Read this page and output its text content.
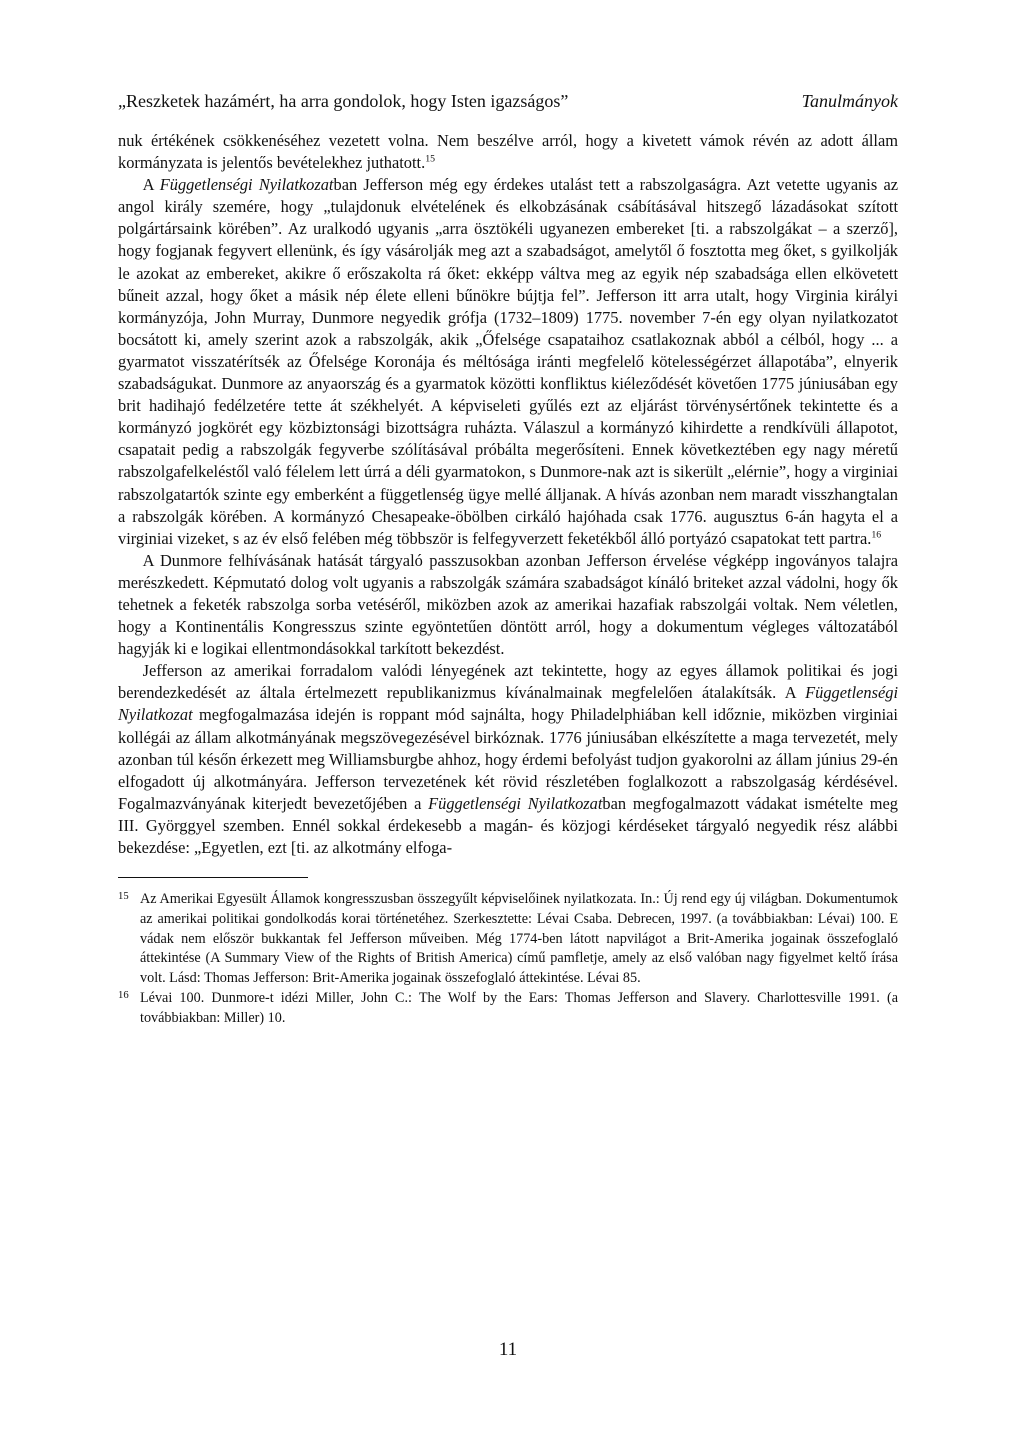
„Reszketek hazámért, ha arra gondolok, hogy Isten igazságos”	Tanulmányok

nuk értékének csökkenéséhez vezetett volna. Nem beszélve arról, hogy a kivetett vámok révén az adott állam kormányzata is jelentős bevételekhez juthatott.$^{15}$

A Függetlenségi Nyilatkozatban Jefferson még egy érdekes utalást tett a rabszolgaságra. Azt vetette ugyanis az angol király szemére, hogy „tulajdonuk elvételének és elkobzásának csábításával hitszegő lázadásokat szított polgártársaink körében”. Az uralkodó ugyanis „arra ösztökéli ugyanezen embereket [ti. a rabszolgákat – a szerző], hogy fogjanak fegyvert ellenünk, és így vásárolják meg azt a szabadságot, amelytől ő fosztotta meg őket, s gyilkolják le azokat az embereket, akikre ő erőszakolta rá őket: ekképp váltva meg az egyik nép szabadsága ellen elkövetett bűneit azzal, hogy őket a másik nép élete elleni bűnökre bújtja fel”. Jefferson itt arra utalt, hogy Virginia királyi kormányzója, John Murray, Dunmore negyedik grófja (1732–1809) 1775. november 7-én egy olyan nyilatkozatot bocsátott ki, amely szerint azok a rabszolgák, akik „Őfelsége csapataihoz csatlakoznak abból a célból, hogy ... a gyarmatot visszatérítsék az Őfelsége Koronája és méltósága iránti megfelelő kötelességérzet állapotába”, elnyerik szabadságukat. Dunmore az anyaország és a gyarmatok közötti konfliktus kiéleződését követően 1775 júniusában egy brit hadihajó fedélzetére tette át székhelyét. A képviseleti gyűlés ezt az eljárást törvénysértőnek tekintette és a kormányzó jogkörét egy közbiztonsági bizottságra ruházta. Válaszul a kormányzó kihirdette a rendkívüli állapotot, csapatait pedig a rabszolgák fegyverbe szólításával próbálta megerősíteni. Ennek következtében egy nagy méretű rabszolgafelkeléstől való félelem lett úrrá a déli gyarmatokon, s Dunmore-nak azt is sikerült „elérnie”, hogy a virginiai rabszolgatartók szinte egy emberként a függetlenség ügye mellé álljanak. A hívás azonban nem maradt visszhangtalan a rabszolgák körében. A kormányzó Chesapeake-öbölben cirkáló hajóhada csak 1776. augusztus 6-án hagyta el a virginiai vizeket, s az év első felében még többször is felfegyverzett feketékből álló portyázó csapatokat tett partra.$^{16}$

A Dunmore felhívásának hatását tárgyaló passzusokban azonban Jefferson érvelése végképp ingoványos talajra merészkedett. Képmutató dolog volt ugyanis a rabszolgák számára szabadságot kínáló briteket azzal vádolni, hogy ők tehetnek a feketék rabszolga sorba vetéséről, miközben azok az amerikai hazafiak rabszolgái voltak. Nem véletlen, hogy a Kontinentális Kongresszus szinte egyöntetűen döntött arról, hogy a dokumentum végleges változatából hagyják ki e logikai ellentmondásokkal tarkított bekezdést.

Jefferson az amerikai forradalom valódi lényegének azt tekintette, hogy az egyes államok politikai és jogi berendezkedését az általa értelmezett republikanizmus kívánalmainak megfelelően átalakítsák. A Függetlenségi Nyilatkozat megfogalmazása idején is roppant mód sajnálta, hogy Philadelphiában kell időznie, miközben virginiai kollégái az állam alkotmányának megszövegezésével birkóznak. 1776 júniusában elkészítette a maga tervezetét, mely azonban túl későn érkezett meg Williamsburgbe ahhoz, hogy érdemi befolyást tudjon gyakorolni az állam június 29-én elfogadott új alkotmányára. Jefferson tervezetének két rövid részletében foglalkozott a rabszolgaság kérdésével. Fogalmazványának kiterjedt bevezetőjében a Függetlenségi Nyilatkozatban megfogalmazott vádakat ismételte meg III. Györggyel szemben. Ennél sokkal érdekesebb a magán- és közjogi kérdéseket tárgyaló negyedik rész alábbi bekezdése: „Egyetlen, ezt [ti. az alkotmány elfoga-

15 Az Amerikai Egyesült Államok kongresszusban összegyűlt képviselőinek nyilatkozata. In.: Új rend egy új világban. Dokumentumok az amerikai politikai gondolkodás korai történetéhez. Szerkesztette: Lévai Csaba. Debrecen, 1997. (a továbbiakban: Lévai) 100. E vádak nem először bukkantak fel Jefferson műveiben. Még 1774-ben látott napvilágot a Brit-Amerika jogainak összefoglaló áttekintése (A Summary View of the Rights of British America) című pamfletje, amely az első valóban nagy figyelmet keltő írása volt. Lásd: Thomas Jefferson: Brit-Amerika jogainak összefoglaló áttekintése. Lévai 85.

16 Lévai 100. Dunmore-t idézi Miller, John C.: The Wolf by the Ears: Thomas Jefferson and Slavery. Charlottesville 1991. (a továbbiakban: Miller) 10.

11
